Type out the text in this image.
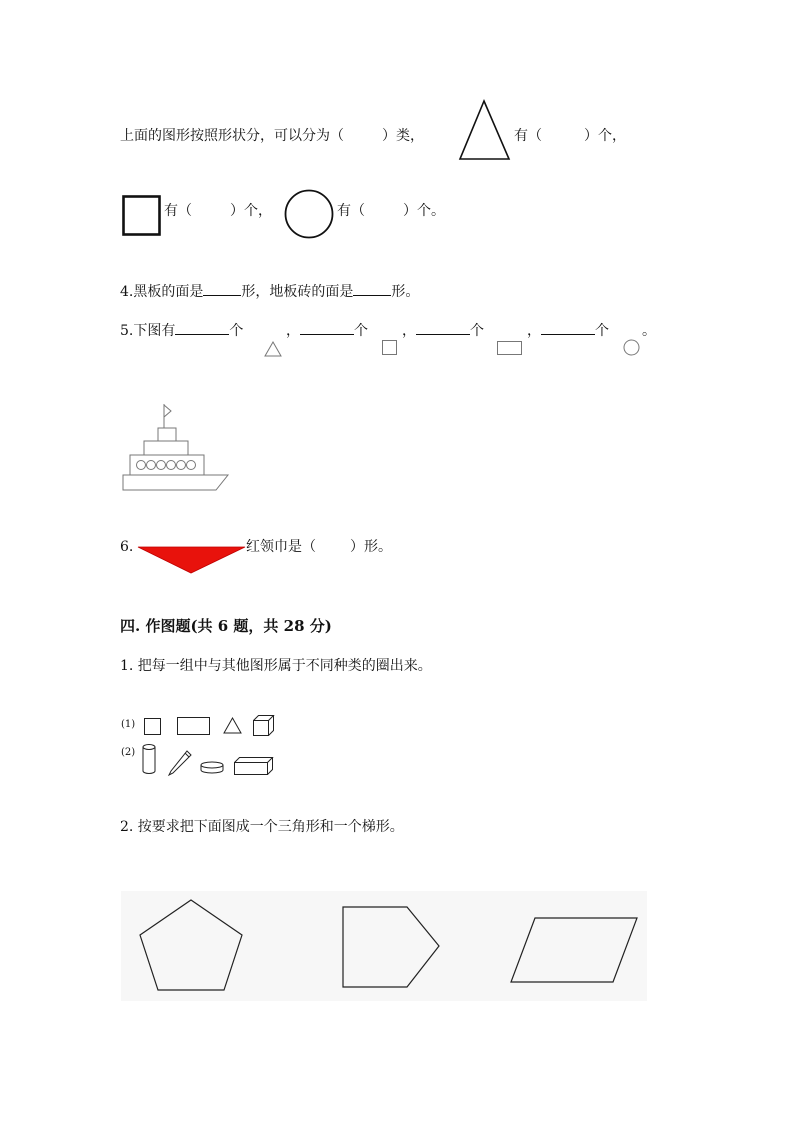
上面的图形按照形状分，可以分为（	）类，	有（	）个，
有（	）个，	有（	）个。
4.黑板的面是	形，地板砖的面是	形。
5.下图有	个	，	个 ，	个	，	个 。
6.	红领巾是（ ）形。
四. 作图题(共 6 题，共 28 分)
1. 把每一组中与其他图形属于不同种类的圈出来。
(1)
(2)
2. 按要求把下面图成一个三角形和一个梯形。
